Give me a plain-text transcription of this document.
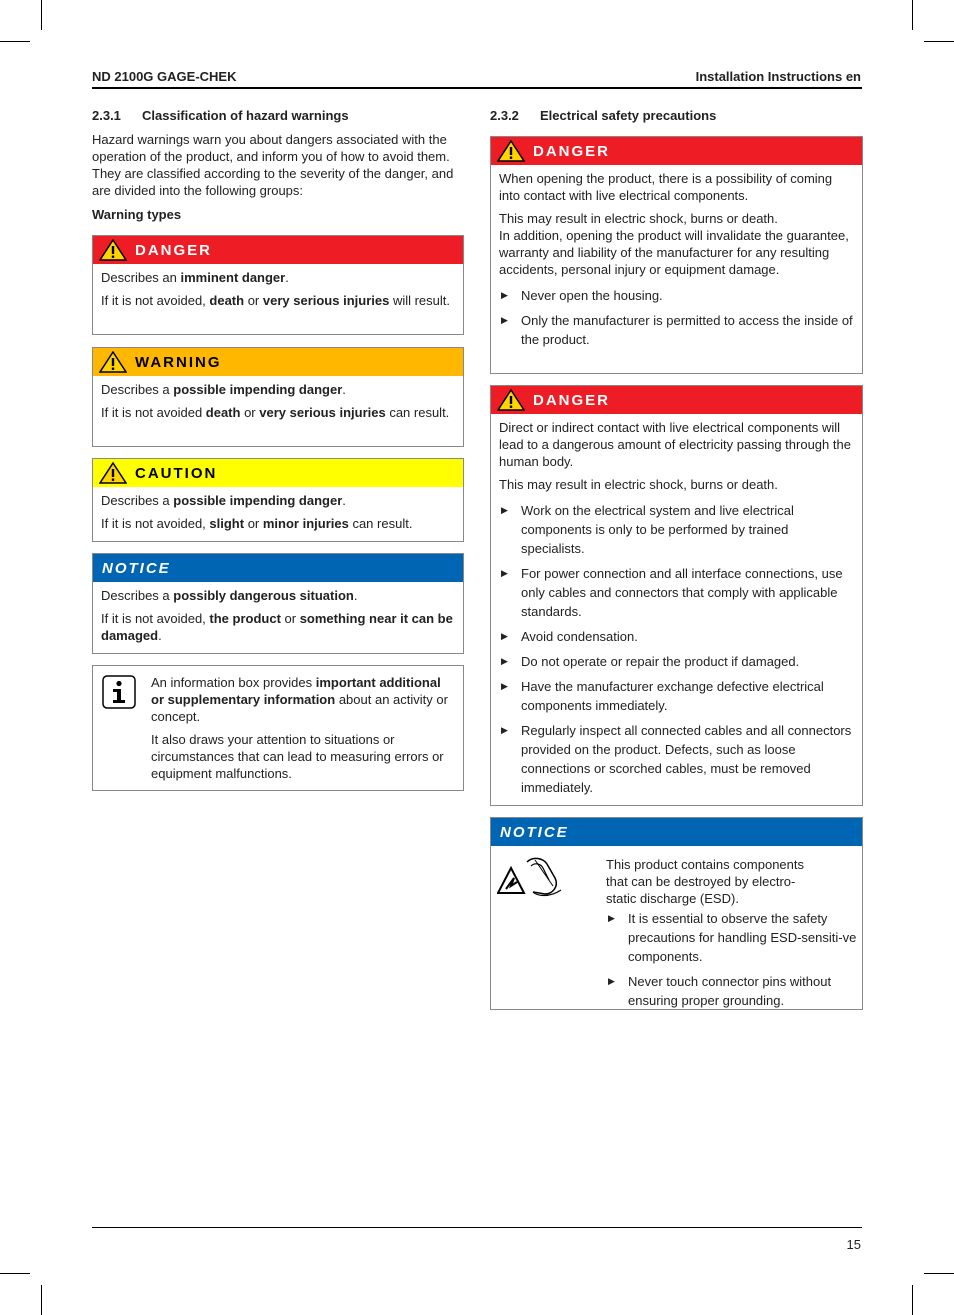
ND 2100G GAGE-CHEK	Installation Instructions en
2.3.1 Classification of hazard warnings

Hazard warnings warn you about dangers associated with the operation of the product, and inform you of how to avoid them. They are classified according to the severity of the danger, and are divided into the following groups:

Warning types

DANGER

Describes an imminent danger.

If it is not avoided, death or very serious injuries will result.

WARNING

Describes a possible impending danger.

If it is not avoided death or very serious injuries can result.

CAUTION

Describes a possible impending danger.

If it is not avoided, slight or minor injuries can result.

NOTICE

Describes a possibly dangerous situation.

If it is not avoided, the product or something near it can be damaged.

An information box provides important additional or supplementary information about an activity or concept.

It also draws your attention to situations or circumstances that can lead to measuring errors or equipment malfunctions.

2.3.2 Electrical safety precautions
DANGER

When opening the product, there is a possibility of coming into contact with live electrical components.

This may result in electric shock, burns or death.

In addition, opening the product will invalidate the guarantee, warranty and liability of the manufacturer for any resulting accidents, personal injury or equipment damage.

▶	Never open the housing.
▶	Only the manufacturer is permitted to access the inside of the product.
DANGER

Direct or indirect contact with live electrical components will lead to a dangerous amount of electricity passing through the human body.

This may result in electric shock, burns or death.

▶	Work on the electrical system and live electrical components is only to be performed by trained specialists.
▶	For power connection and all interface connections, use only cables and connectors that comply with applicable standards.
▶	Avoid condensation.
▶	Do not operate or repair the product if damaged.
▶	Have the manufacturer exchange defective electrical components immediately.
▶	Regularly inspect all connected cables and all connectors provided on the product. Defects, such as loose connections or scorched cables, must be removed immediately.
NOTICE

This product contains components that can be destroyed by electro-static discharge (ESD).

▶	It is essential to observe the safety precautions for handling ESD-sensiti-ve components.
▶	Never touch connector pins without ensuring proper grounding.
15
